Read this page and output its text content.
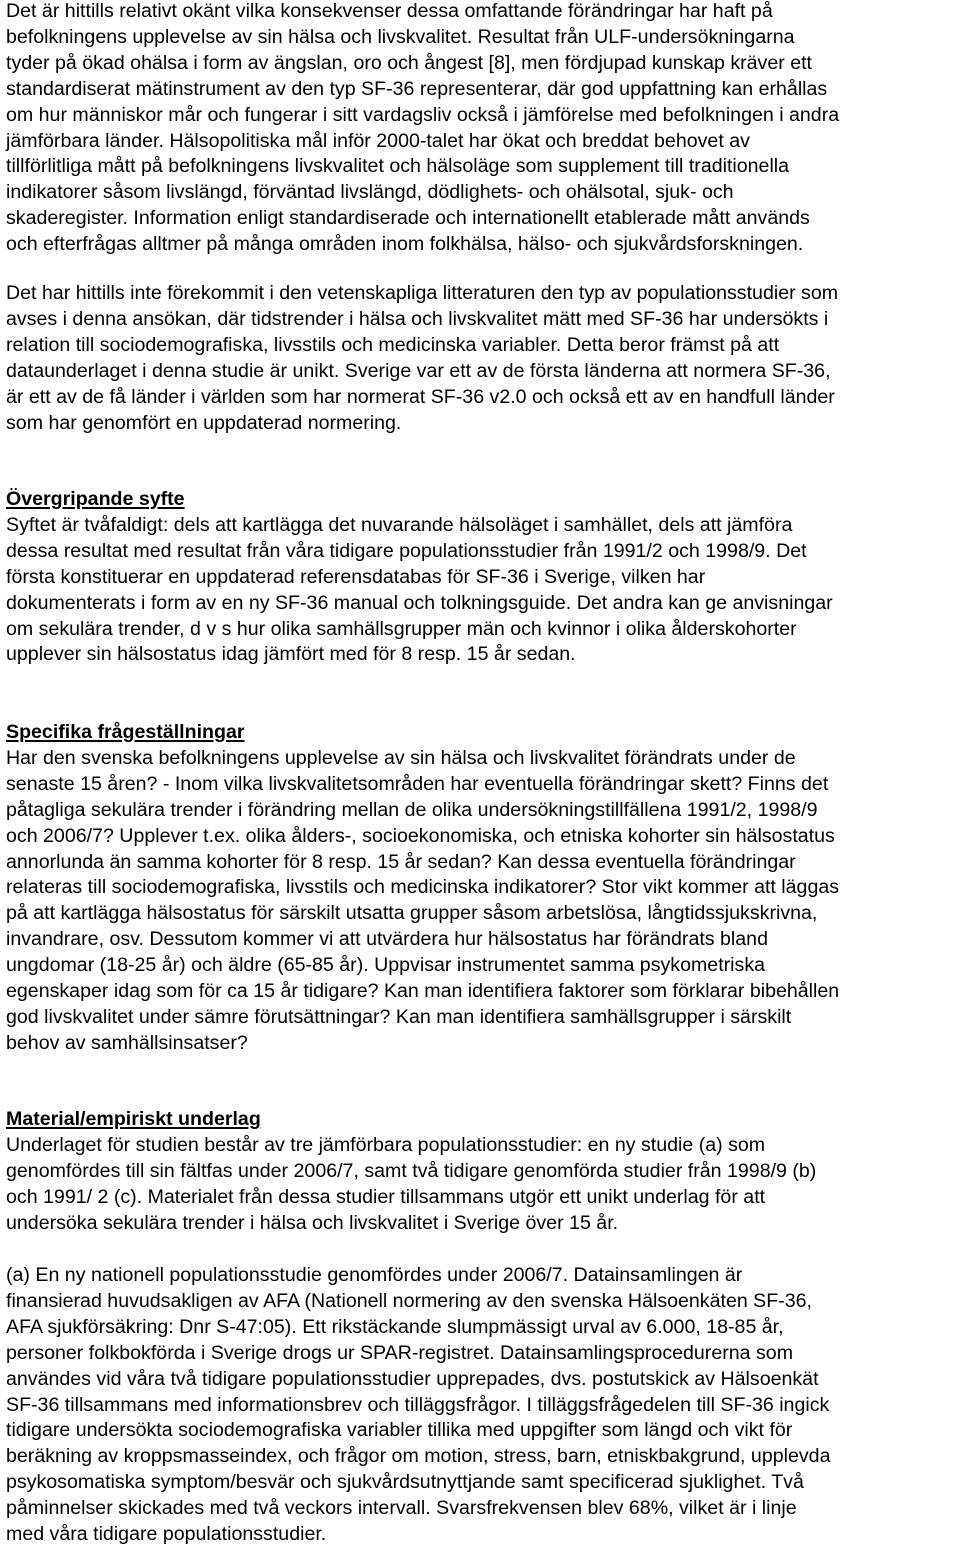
Det är hittills relativt okänt vilka konsekvenser dessa omfattande förändringar har haft på
befolkningens upplevelse av sin hälsa och livskvalitet. Resultat från ULF-undersökningarna
tyder på ökad ohälsa i form av ängslan, oro och ångest [8], men fördjupad kunskap kräver ett
standardiserat mätinstrument av den typ SF-36 representerar, där god uppfattning kan erhållas
om hur människor mår och fungerar i sitt vardagsliv också i jämförelse med befolkningen i andra
jämförbara länder. Hälsopolitiska mål inför 2000-talet har ökat och breddat behovet av
tillförlitliga mått på befolkningens livskvalitet och hälsoläge som supplement till traditionella
indikatorer såsom livslängd, förväntad livslängd, dödlighets- och ohälsotal, sjuk- och
skaderegister. Information enligt standardiserade och internationellt etablerade mått används
och efterfrågas alltmer på många områden inom folkhälsa, hälso- och sjukvårdsforskningen.
Det har hittills inte förekommit i den vetenskapliga litteraturen den typ av populationsstudier som
avses i denna ansökan, där tidstrender i hälsa och livskvalitet mätt med SF-36 har undersökts i
relation till sociodemografiska, livsstils och medicinska variabler. Detta beror främst på att
dataunderlaget i denna studie är unikt. Sverige var ett av de första länderna att normera SF-36,
är ett av de få länder i världen som har normerat SF-36 v2.0 och också ett av en handfull länder
som har genomfört en uppdaterad normering.
Övergripande syfte
Syftet är tvåfaldigt: dels att kartlägga det nuvarande hälsoläget i samhället, dels att jämföra
dessa resultat med resultat från våra tidigare populationsstudier från 1991/2 och 1998/9. Det
första konstituerar en uppdaterad referensdatabas för SF-36 i Sverige, vilken har
dokumenterats i form av en ny SF-36 manual och tolkningsguide. Det andra kan ge anvisningar
om sekulära trender, d v s hur olika samhällsgrupper män och kvinnor i olika ålderskohorter
upplever sin hälsostatus idag jämfört med för 8 resp. 15 år sedan.
Specifika frågeställningar
Har den svenska befolkningens upplevelse av sin hälsa och livskvalitet förändrats under de
senaste 15 åren? - Inom vilka livskvalitetsområden har eventuella förändringar skett? Finns det
påtagliga sekulära trender i förändring mellan de olika undersökningstillfällena 1991/2, 1998/9
och 2006/7? Upplever t.ex. olika ålders-, socioekonomiska, och etniska kohorter sin hälsostatus
annorlunda än samma kohorter för 8 resp. 15 år sedan? Kan dessa eventuella förändringar
relateras till sociodemografiska, livsstils och medicinska indikatorer? Stor vikt kommer att läggas
på att kartlägga hälsostatus för särskilt utsatta grupper såsom arbetslösa, långtidssjukskrivna,
invandrare, osv. Dessutom kommer vi att utvärdera hur hälsostatus har förändrats bland
ungdomar (18-25 år) och äldre (65-85 år). Uppvisar instrumentet samma psykometriska
egenskaper idag som för ca 15 år tidigare? Kan man identifiera faktorer som förklarar bibehållen
god livskvalitet under sämre förutsättningar? Kan man identifiera samhällsgrupper i särskilt
behov av samhällsinsatser?
Material/empiriskt underlag
Underlaget för studien består av tre jämförbara populationsstudier: en ny studie (a) som
genomfördes till sin fältfas under 2006/7, samt två tidigare genomförda studier från 1998/9 (b)
och 1991/ 2 (c). Materialet från dessa studier tillsammans utgör ett unikt underlag för att
undersöka sekulära trender i hälsa och livskvalitet i Sverige över 15 år.
(a) En ny nationell populationsstudie genomfördes under 2006/7. Datainsamlingen är
finansierad huvudsakligen av AFA (Nationell normering av den svenska Hälsoenkäten SF-36,
AFA sjukförsäkring: Dnr S-47:05). Ett rikstäckande slumpmässigt urval av 6.000, 18-85 år,
personer folkbokförda i Sverige drogs ur SPAR-registret. Datainsamlingsprocedurerna som
användes vid våra två tidigare populationsstudier upprepades, dvs. postutskick av Hälsoenkät
SF-36 tillsammans med informationsbrev och tilläggsfrågor. I tilläggsfrågedelen till SF-36 ingick
tidigare undersökta sociodemografiska variabler tillika med uppgifter som längd och vikt för
beräkning av kroppsmasseindex, och frågor om motion, stress, barn, etniskbakgrund, upplevda
psykosomatiska symptom/besvär och sjukvårdsutnyttjande samt specificerad sjuklighet. Två
påminnelser skickades med två veckors intervall. Svarsfrekvensen blev 68%, vilket är i linje
med våra tidigare populationsstudier.
